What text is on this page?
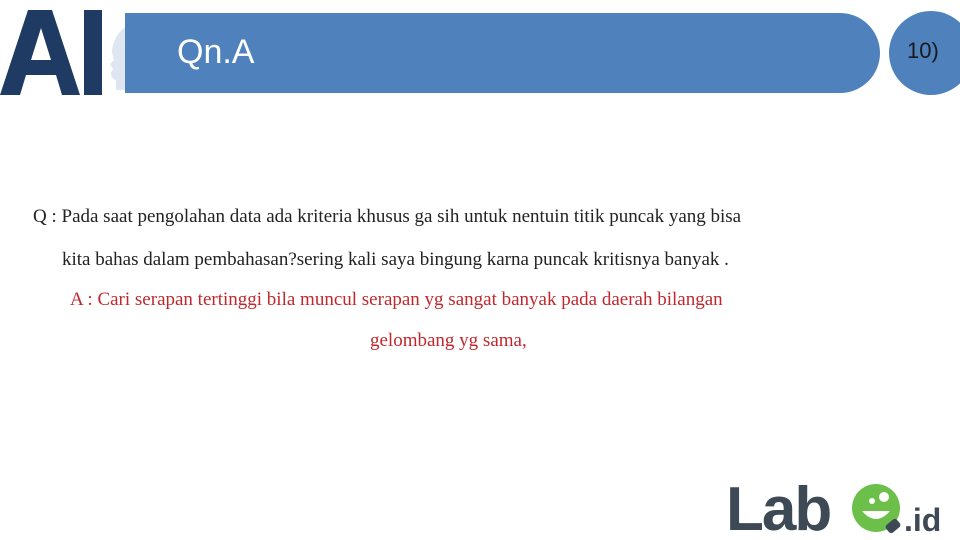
Qn.A	10)
Q : Pada saat pengolahan data ada kriteria khusus ga sih untuk nentuin titik puncak yang bisa
kita bahas dalam pembahasan?sering kali saya bingung karna puncak kritisnya banyak .
A : Cari serapan tertinggi bila muncul serapan yg sangat banyak pada daerah bilangan
gelombang yg sama,
Lab .id
